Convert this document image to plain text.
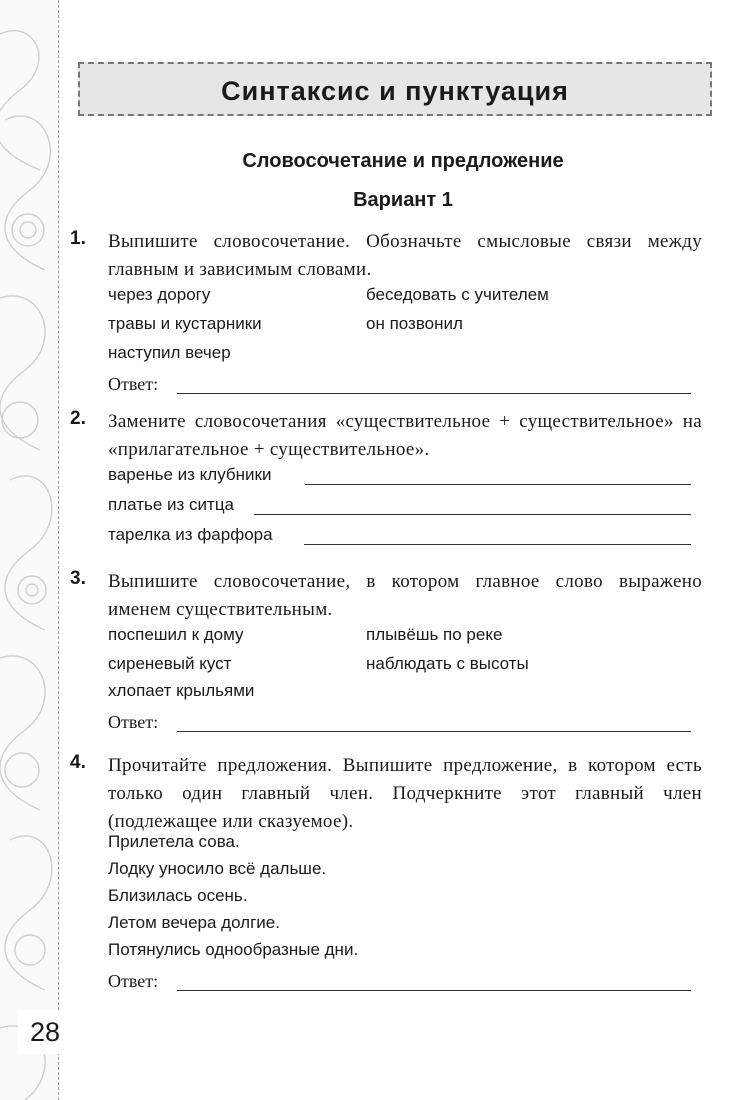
28
Синтаксис и пунктуация
Словосочетание и предложение
Вариант 1
1. Выпишите словосочетание. Обозначьте смысловые связи между главным и зависимым словами.
через дорогу
травы и кустарники
наступил вечер
беседовать с учителем
он позвонил
Ответ:
2. Замените словосочетания «существительное + существительное» на «прилагательное + существительное».
варенье из клубники
платье из ситца
тарелка из фарфора
3. Выпишите словосочетание, в котором главное слово выражено именем существительным.
поспешил к дому
сиреневый куст
хлопает крыльями
плывёшь по реке
наблюдать с высоты
Ответ:
4. Прочитайте предложения. Выпишите предложение, в котором есть только один главный член. Подчеркните этот главный член (подлежащее или сказуемое).
Прилетела сова.
Лодку уносило всё дальше.
Близилась осень.
Летом вечера долгие.
Потянулись однообразные дни.
Ответ:
